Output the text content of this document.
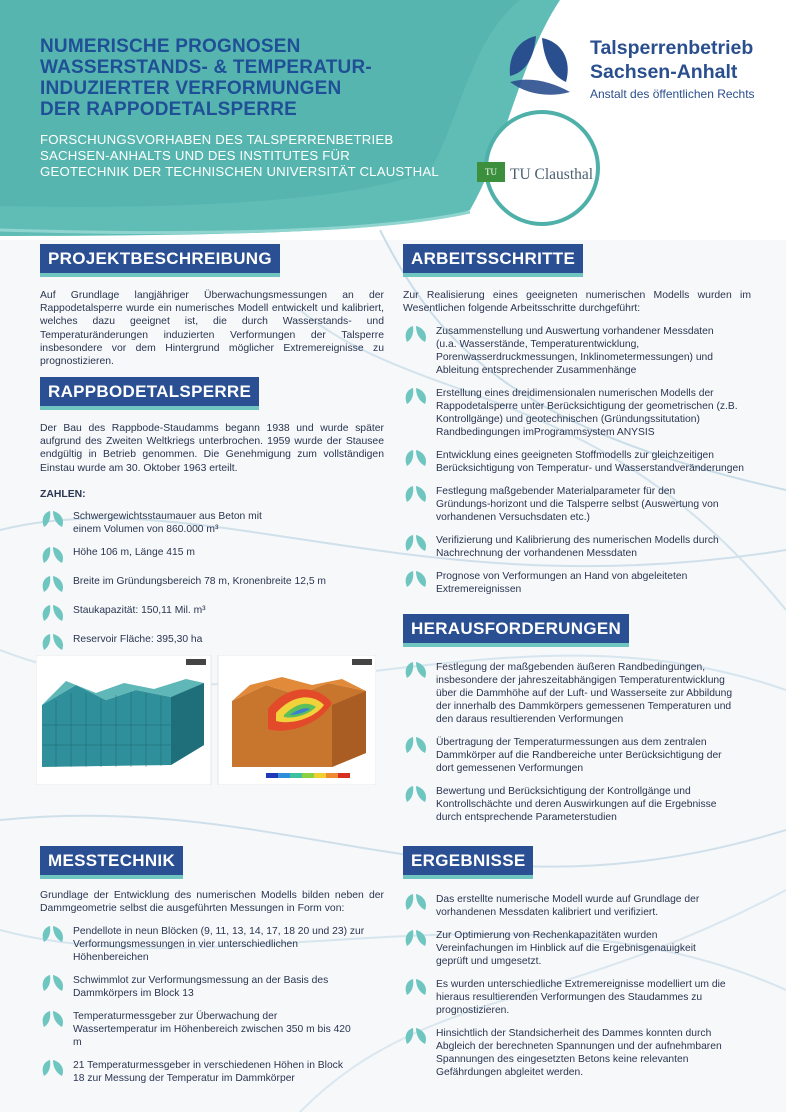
NUMERISCHE PROGNOSEN
WASSERSTANDS- & TEMPERATUR-
INDUZIERTER VERFORMUNGEN
DER RAPPODETALSPERRE
FORSCHUNGSVORHABEN DES TALSPERRENBETRIEB
SACHSEN-ANHALTS UND DES INSTITUTES FÜR
GEOTECHNIK DER TECHNISCHEN UNIVERSITÄT CLAUSTHAL
Talsperrenbetrieb
Sachsen-Anhalt
Anstalt des öffentlichen Rechts
TU TU Clausthal
PROJEKTBESCHREIBUNG
Auf Grundlage langjähriger Überwachungsmessungen an der Rappodetalsperre wurde ein numerisches Modell entwickelt und kalibriert, welches dazu geeignet ist, die durch Wasserstands- und Temperaturänderungen induzierten Verformungen der Talsperre insbesondere vor dem Hintergrund möglicher Extremereignisse zu prognostizieren.
RAPPBODETALSPERRE
Der Bau des Rappbode-Staudamms begann 1938 und wurde später aufgrund des Zweiten Weltkriegs unterbrochen. 1959 wurde der Stausee endgültig in Betrieb genommen. Die Genehmigung zum vollständigen Einstau wurde am 30. Oktober 1963 erteilt.
ZAHLEN:
Schwergewichtsstaumauer aus Beton mit einem Volumen von 860.000 m³
Höhe 106 m, Länge 415 m
Breite im Gründungsbereich 78 m, Kronenbreite 12,5 m
Staukapazität: 150,11 Mil. m³
Reservoir Fläche: 395,30 ha
MESSTECHNIK
Grundlage der Entwicklung des numerischen Modells bilden neben der Dammgeometrie selbst die ausgeführten Messungen in Form von:
Pendellote in neun Blöcken (9, 11, 13, 14, 17, 18 20 und 23) zur Verformungsmessungen in vier unterschiedlichen Höhenbereichen
Schwimmlot zur Verformungsmessung an der Basis des Dammkörpers im Block 13
Temperaturmessgeber zur Überwachung der Wassertemperatur im Höhenbereich zwischen 350 m bis 420 m
21 Temperaturmessgeber in verschiedenen Höhen in Block 18 zur Messung der Temperatur im Dammkörper
ARBEITSSCHRITTE
Zur Realisierung eines geeigneten numerischen Modells wurden im Wesentlichen folgende Arbeitsschritte durchgeführt:
Zusammenstellung und Auswertung vorhandener Messdaten (u.a. Wasserstände, Temperaturentwicklung, Porenwasserdruckmessungen, Inklinometermessungen) und Ableitung entsprechender Zusammenhänge
Erstellung eines dreidimensionalen numerischen Modells der Rappodetalsperre unter Berücksichtigung der geometrischen (z.B. Kontrollgänge) und geotechnischen (Gründungssitutation) Randbedingungen imProgrammsystem ANYSIS
Entwicklung eines geeigneten Stoffmodells zur gleichzeitigen Berücksichtigung von Temperatur- und Wasserstandveränderungen
Festlegung maßgebender Materialparameter für den Gründungs-horizont und die Talsperre selbst (Auswertung von vorhandenen Versuchsdaten etc.)
Verifizierung und Kalibrierung des numerischen Modells durch Nachrechnung der vorhandenen Messdaten
Prognose von Verformungen an Hand von abgeleiteten Extremereignissen
HERAUSFORDERUNGEN
Festlegung der maßgebenden äußeren Randbedingungen, insbesondere der jahreszeitabhängigen Temperaturentwicklung über die Dammhöhe auf der Luft- und Wasserseite zur Abbildung der innerhalb des Dammkörpers gemessenen Temperaturen und den daraus resultierenden Verformungen
Übertragung der Temperaturmessungen aus dem zentralen Dammkörper auf die Randbereiche unter Berücksichtigung der dort gemessenen Verformungen
Bewertung und Berücksichtigung der Kontrollgänge und Kontrollschächte und deren Auswirkungen auf die Ergebnisse durch entsprechende Parameterstudien
ERGEBNISSE
Das erstellte numerische Modell wurde auf Grundlage der vorhandenen Messdaten kalibriert und verifiziert.
Zur Optimierung von Rechenkapazitäten wurden Vereinfachungen im Hinblick auf die Ergebnisgenauigkeit geprüft und umgesetzt.
Es wurden unterschiedliche Extremereignisse modelliert um die hieraus resultierenden Verformungen des Staudammes zu prognostizieren.
Hinsichtlich der Standsicherheit des Dammes konnten durch Abgleich der berechneten Spannungen und der aufnehmbaren Spannungen des eingesetzten Betons keine relevanten Gefährdungen abgleitet werden.
